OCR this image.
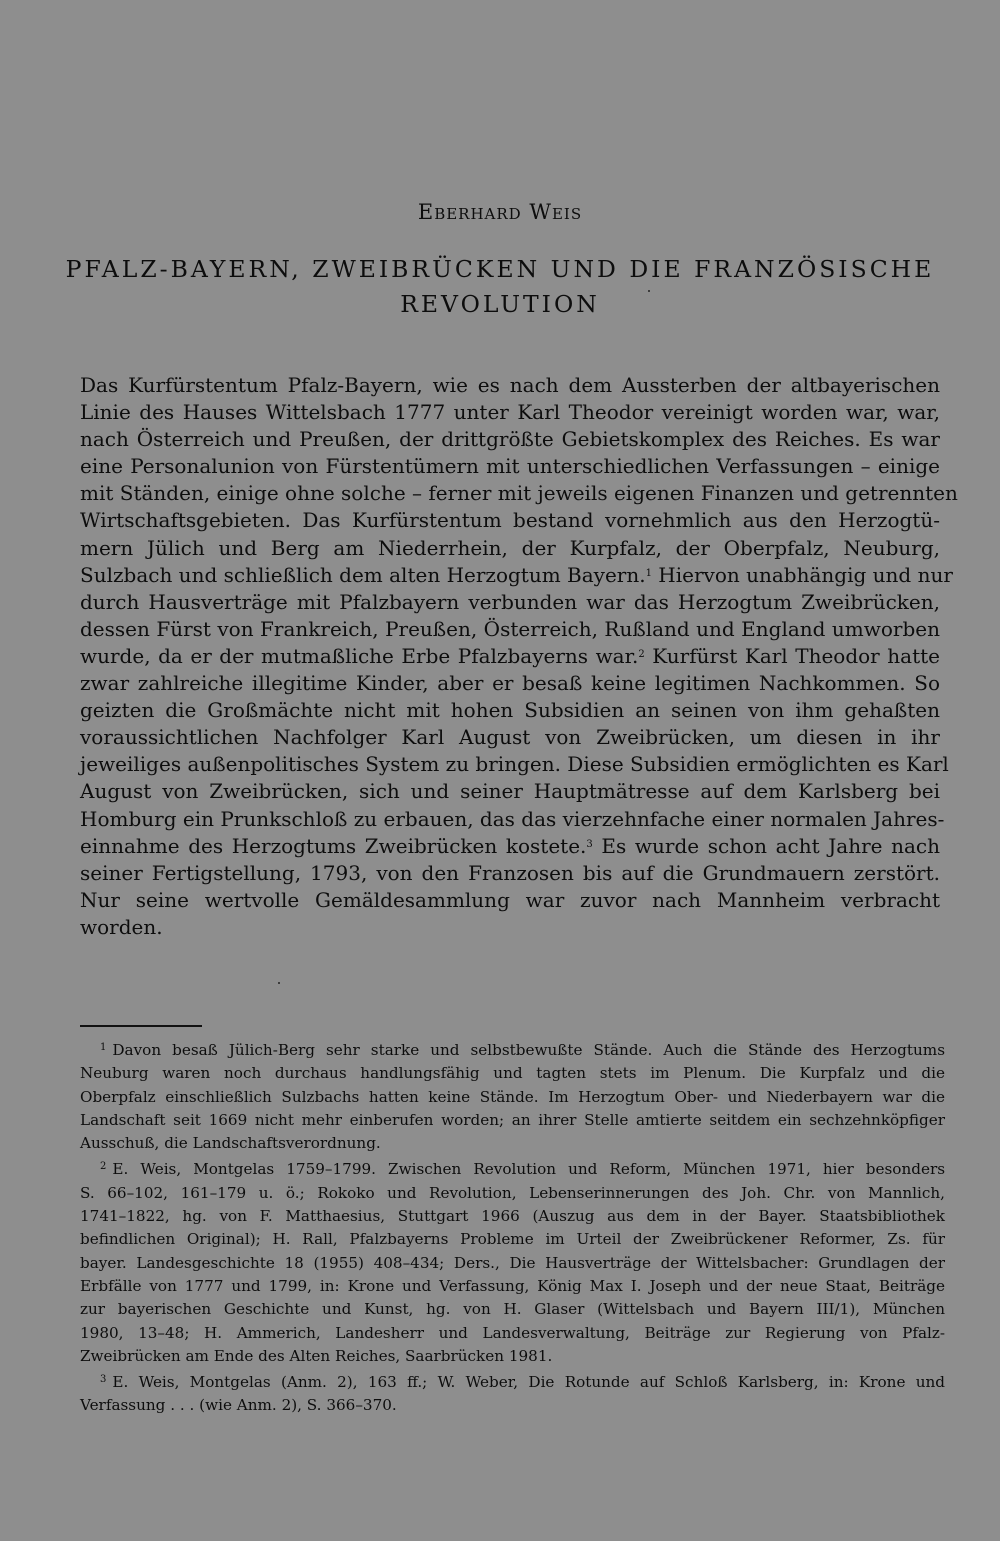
Eberhard Weis
PFALZ-BAYERN, ZWEIBRÜCKEN UND DIE FRANZÖSISCHE
REVOLUTION
Das Kurfürstentum Pfalz-Bayern, wie es nach dem Aussterben der altbayerischen
Linie des Hauses Wittelsbach 1777 unter Karl Theodor vereinigt worden war, war,
nach Österreich und Preußen, der drittgrößte Gebietskomplex des Reiches. Es war
eine Personalunion von Fürstentümern mit unterschiedlichen Verfassungen – einige
mit Ständen, einige ohne solche – ferner mit jeweils eigenen Finanzen und getrennten
Wirtschaftsgebieten. Das Kurfürstentum bestand vornehmlich aus den Herzogtü-
mern Jülich und Berg am Niederrhein, der Kurpfalz, der Oberpfalz, Neuburg,
Sulzbach und schließlich dem alten Herzogtum Bayern.$^1$ Hiervon unabhängig und nur
durch Hausverträge mit Pfalzbayern verbunden war das Herzogtum Zweibrücken,
dessen Fürst von Frankreich, Preußen, Österreich, Rußland und England umworben
wurde, da er der mutmaßliche Erbe Pfalzbayerns war.$^2$ Kurfürst Karl Theodor hatte
zwar zahlreiche illegitime Kinder, aber er besaß keine legitimen Nachkommen. So
geizten die Großmächte nicht mit hohen Subsidien an seinen von ihm gehaßten
voraussichtlichen Nachfolger Karl August von Zweibrücken, um diesen in ihr
jeweiliges außenpolitisches System zu bringen. Diese Subsidien ermöglichten es Karl
August von Zweibrücken, sich und seiner Hauptmätresse auf dem Karlsberg bei
Homburg ein Prunkschloß zu erbauen, das das vierzehnfache einer normalen Jahres-
einnahme des Herzogtums Zweibrücken kostete.$^3$ Es wurde schon acht Jahre nach
seiner Fertigstellung, 1793, von den Franzosen bis auf die Grundmauern zerstört.
Nur seine wertvolle Gemäldesammlung war zuvor nach Mannheim verbracht
worden.
$^1$ Davon besaß Jülich-Berg sehr starke und selbstbewußte Stände. Auch die Stände des Herzogtums
Neuburg waren noch durchaus handlungsfähig und tagten stets im Plenum. Die Kurpfalz und die
Oberpfalz einschließlich Sulzbachs hatten keine Stände. Im Herzogtum Ober- und Niederbayern war die
Landschaft seit 1669 nicht mehr einberufen worden; an ihrer Stelle amtierte seitdem ein sechzehnköpfiger
Ausschuß, die Landschaftsverordnung.
$^2$ E. Weis, Montgelas 1759–1799. Zwischen Revolution und Reform, München 1971, hier besonders
S. 66–102, 161–179 u. ö.; Rokoko und Revolution, Lebenserinnerungen des Joh. Chr. von Mannlich,
1741–1822, hg. von F. Matthaesius, Stuttgart 1966 (Auszug aus dem in der Bayer. Staatsbibliothek
befindlichen Original); H. Rall, Pfalzbayerns Probleme im Urteil der Zweibrückener Reformer, Zs. für
bayer. Landesgeschichte 18 (1955) 408–434; Ders., Die Hausverträge der Wittelsbacher: Grundlagen der
Erbfälle von 1777 und 1799, in: Krone und Verfassung, König Max I. Joseph und der neue Staat, Beiträge
zur bayerischen Geschichte und Kunst, hg. von H. Glaser (Wittelsbach und Bayern III/1), München
1980, 13–48; H. Ammerich, Landesherr und Landesverwaltung, Beiträge zur Regierung von Pfalz-
Zweibrücken am Ende des Alten Reiches, Saarbrücken 1981.
$^3$ E. Weis, Montgelas (Anm. 2), 163 ff.; W. Weber, Die Rotunde auf Schloß Karlsberg, in: Krone und
Verfassung . . . (wie Anm. 2), S. 366–370.
